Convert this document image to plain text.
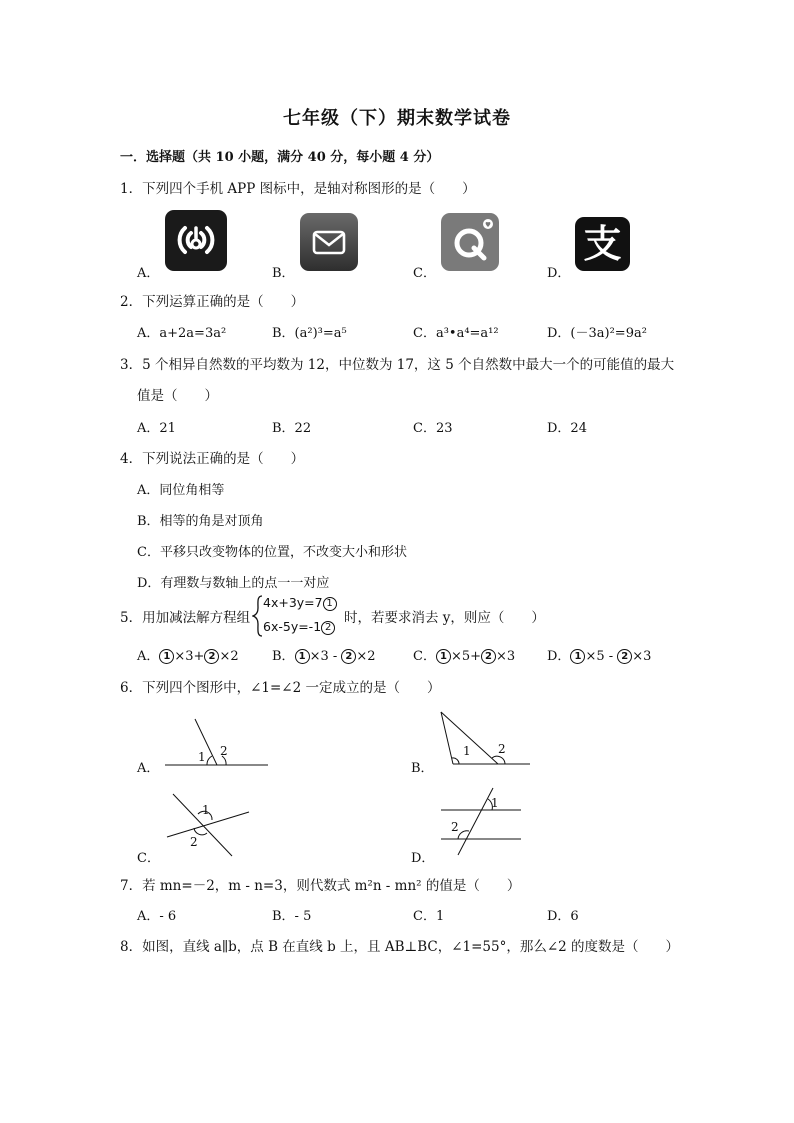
七年级（下）期末数学试卷
一．选择题（共 10 小题，满分 40 分，每小题 4 分）
1．下列四个手机 APP 图标中，是轴对称图形的是（　　）
A．	B．	C．	D．
支
2．下列运算正确的是（　　）
A．a+2a=3a²	B．(a²)³=a⁵	C．a³•a⁴=a¹²	D．(－3a)²=9a²
3．5 个相异自然数的平均数为 12，中位数为 17，这 5 个自然数中最大一个的可能值的最大
值是（　　）
A．21	B．22	C．23	D．24
4．下列说法正确的是（　　）
A．同位角相等
B．相等的角是对顶角
C．平移只改变物体的位置，不改变大小和形状
D．有理数与数轴上的点一一对应
5．用加减法解方程组
4x+3y=7 1
6x-5y=-1 2
时，若要求消去 y，则应（　　）
A． 1 ×3+ 2 ×2	B． 1 ×3 - 2 ×2	C． 1 ×5+ 2 ×3 D． 1 ×5 - 2 ×3
6．下列四个图形中，∠1=∠2 一定成立的是（　　）
A．	B．
C．	D．
1 2	1 2
1
2
1
2
7．若 mn=－2，m - n=3，则代数式 m²n - mn² 的值是（　　）
A．- 6	B．- 5	C．1	D．6
8．如图，直线 a∥b，点 B 在直线 b 上，且 AB⊥BC，∠1=55°，那么∠2 的度数是（　　）
